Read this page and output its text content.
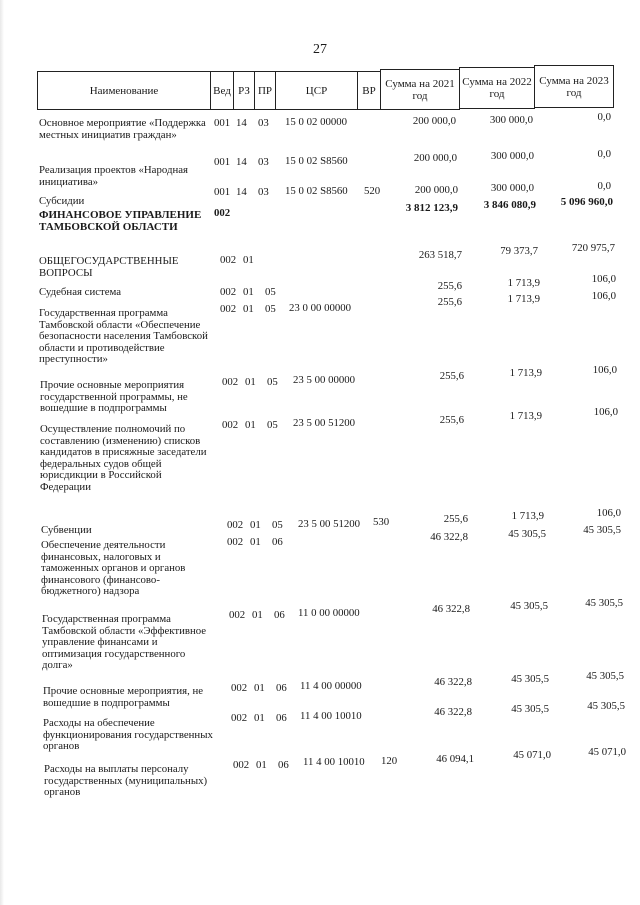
27
Наименование	Вед РЗ ПР	ЦСР	ВР
Сумма на 2021 год
Сумма на 2022 год
Сумма на 2023 год
Основное мероприятие «Поддержка местных инициатив граждан»
001 14 03 15 0 02 00000	200 000,0	300 000,0	0,0
Реализация проектов «Народная инициатива»
001 14 03 15 0 02 S8560	200 000,0	300 000,0	0,0
Субсидии
001 14 03 15 0 02 S8560 520	200 000,0	300 000,0	0,0
ФИНАНСОВОЕ УПРАВЛЕНИЕ ТАМБОВСКОЙ ОБЛАСТИ
002	3 812 123,9	3 846 080,9	5 096 960,0
ОБЩЕГОСУДАРСТВЕННЫЕ ВОПРОСЫ
002 01	263 518,7	79 373,7	720 975,7
Судебная система	002 01 05	255,6	1 713,9	106,0
Государственная программа Тамбовской области «Обеспечение безопасности населения Тамбовской области и противодействие преступности»
002 01 05 23 0 00 00000	255,6	1 713,9	106,0
Прочие основные мероприятия государственной программы, не вошедшие в подпрограммы
002 01 05 23 5 00 00000	255,6	1 713,9	106,0
Осуществление полномочий по составлению (изменению) списков кандидатов в присяжные заседатели федеральных судов общей юрисдикции в Российской Федерации
002 01 05 23 5 00 51200	255,6	1 713,9	106,0
Субвенции	002 01 05 23 5 00 51200 530	255,6	1 713,9	106,0
Обеспечение деятельности финансовых, налоговых и таможенных органов и органов финансового (финансово-бюджетного) надзора
002 01 06	46 322,8	45 305,5	45 305,5
Государственная программа Тамбовской области «Эффективное управление финансами и оптимизация государственного долга»
002 01 06 11 0 00 00000	46 322,8	45 305,5	45 305,5
Прочие основные мероприятия, не вошедшие в подпрограммы
002 01 06 11 4 00 00000	46 322,8	45 305,5	45 305,5
Расходы на обеспечение функционирования государственных органов
002 01 06 11 4 00 10010	46 322,8	45 305,5	45 305,5
Расходы на выплаты персоналу государственных (муниципальных) органов
002 01 06 11 4 00 10010 120	46 094,1	45 071,0	45 071,0
